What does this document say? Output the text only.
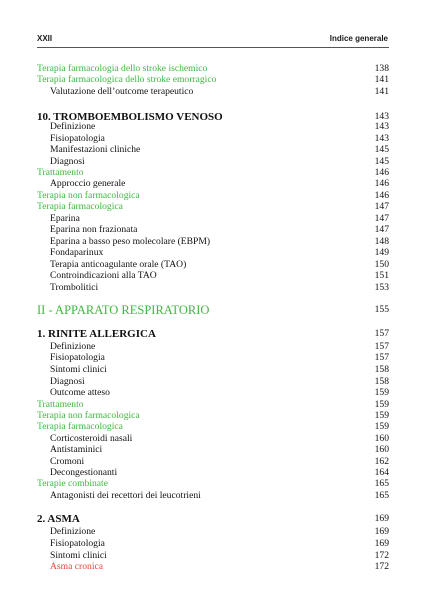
XXII	Indice generale
Terapia farmacologia dello stroke ischemico	138
Terapia farmacologica dello stroke emorragico	141
Valutazione dell’outcome terapeutico	141
10. TROMBOEMBOLISMO VENOSO	143
Definizione	143
Fisiopatologia	143
Manifestazioni cliniche	145
Diagnosi	145
Trattamento	146
Approccio generale	146
Terapia non farmacologica	146
Terapia farmacologica	147
Eparina	147
Eparina non frazionata	147
Eparina a basso peso molecolare (EBPM)	148
Fondaparinux	149
Terapia anticoagulante orale (TAO)	150
Controindicazioni alla TAO	151
Trombolitici	153
II - APPARATO RESPIRATORIO	155
1. RINITE ALLERGICA	157
Definizione	157
Fisiopatologia	157
Sintomi clinici	158
Diagnosi	158
Outcome atteso	159
Trattamento	159
Terapia non farmacologica	159
Terapia farmacologica	159
Corticosteroidi nasali	160
Antistaminici	160
Cromoni	162
Decongestionanti	164
Terapie combinate	165
Antagonisti dei recettori dei leucotrieni	165
2. ASMA	169
Definizione	169
Fisiopatologia	169
Sintomi clinici	172
Asma cronica	172
